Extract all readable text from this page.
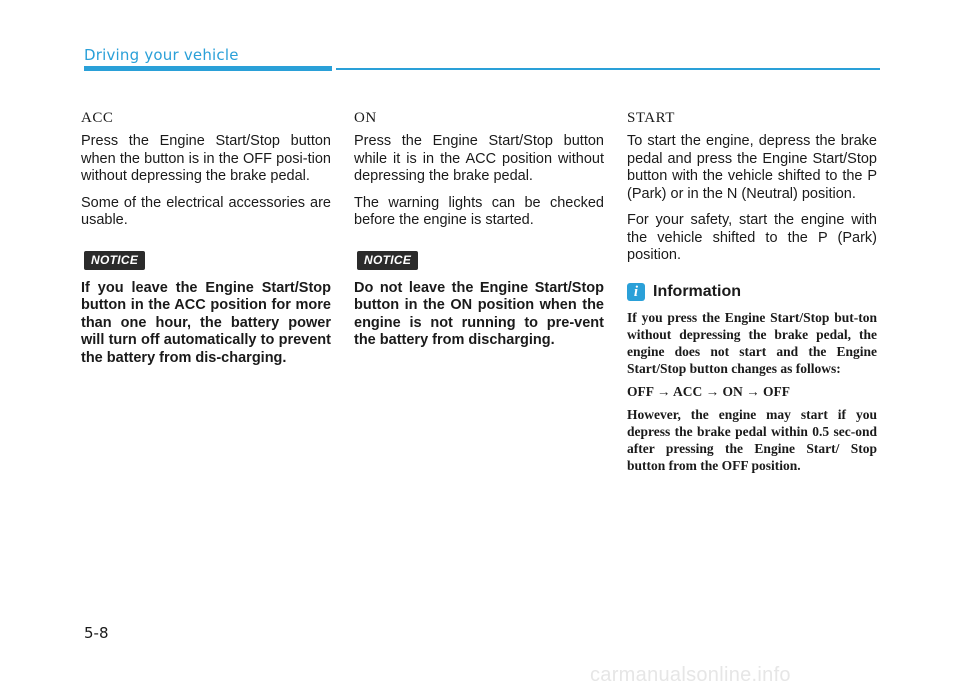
Driving your vehicle
ACC

Press the Engine Start/Stop button when the button is in the OFF posi-tion without depressing the brake pedal.

Some of the electrical accessories are usable.

NOTICE

If you leave the Engine Start/Stop button in the ACC position for more than one hour, the battery power will turn off automatically to prevent the battery from dis-charging.

ON

Press the Engine Start/Stop button while it is in the ACC position without depressing the brake pedal.

The warning lights can be checked before the engine is started.

NOTICE

Do not leave the Engine Start/Stop button in the ON position when the engine is not running to pre-vent the battery from discharging.

START

To start the engine, depress the brake pedal and press the Engine Start/Stop button with the vehicle shifted to the P (Park) or in the N (Neutral) position.

For your safety, start the engine with the vehicle shifted to the P (Park) position.

i Information

If you press the Engine Start/Stop but-ton without depressing the brake pedal, the engine does not start and the Engine Start/Stop button changes as follows:

OFF → ACC → ON → OFF

However, the engine may start if you depress the brake pedal within 0.5 sec-ond after pressing the Engine Start/ Stop button from the OFF position.

5-8
carmanualsonline.info
